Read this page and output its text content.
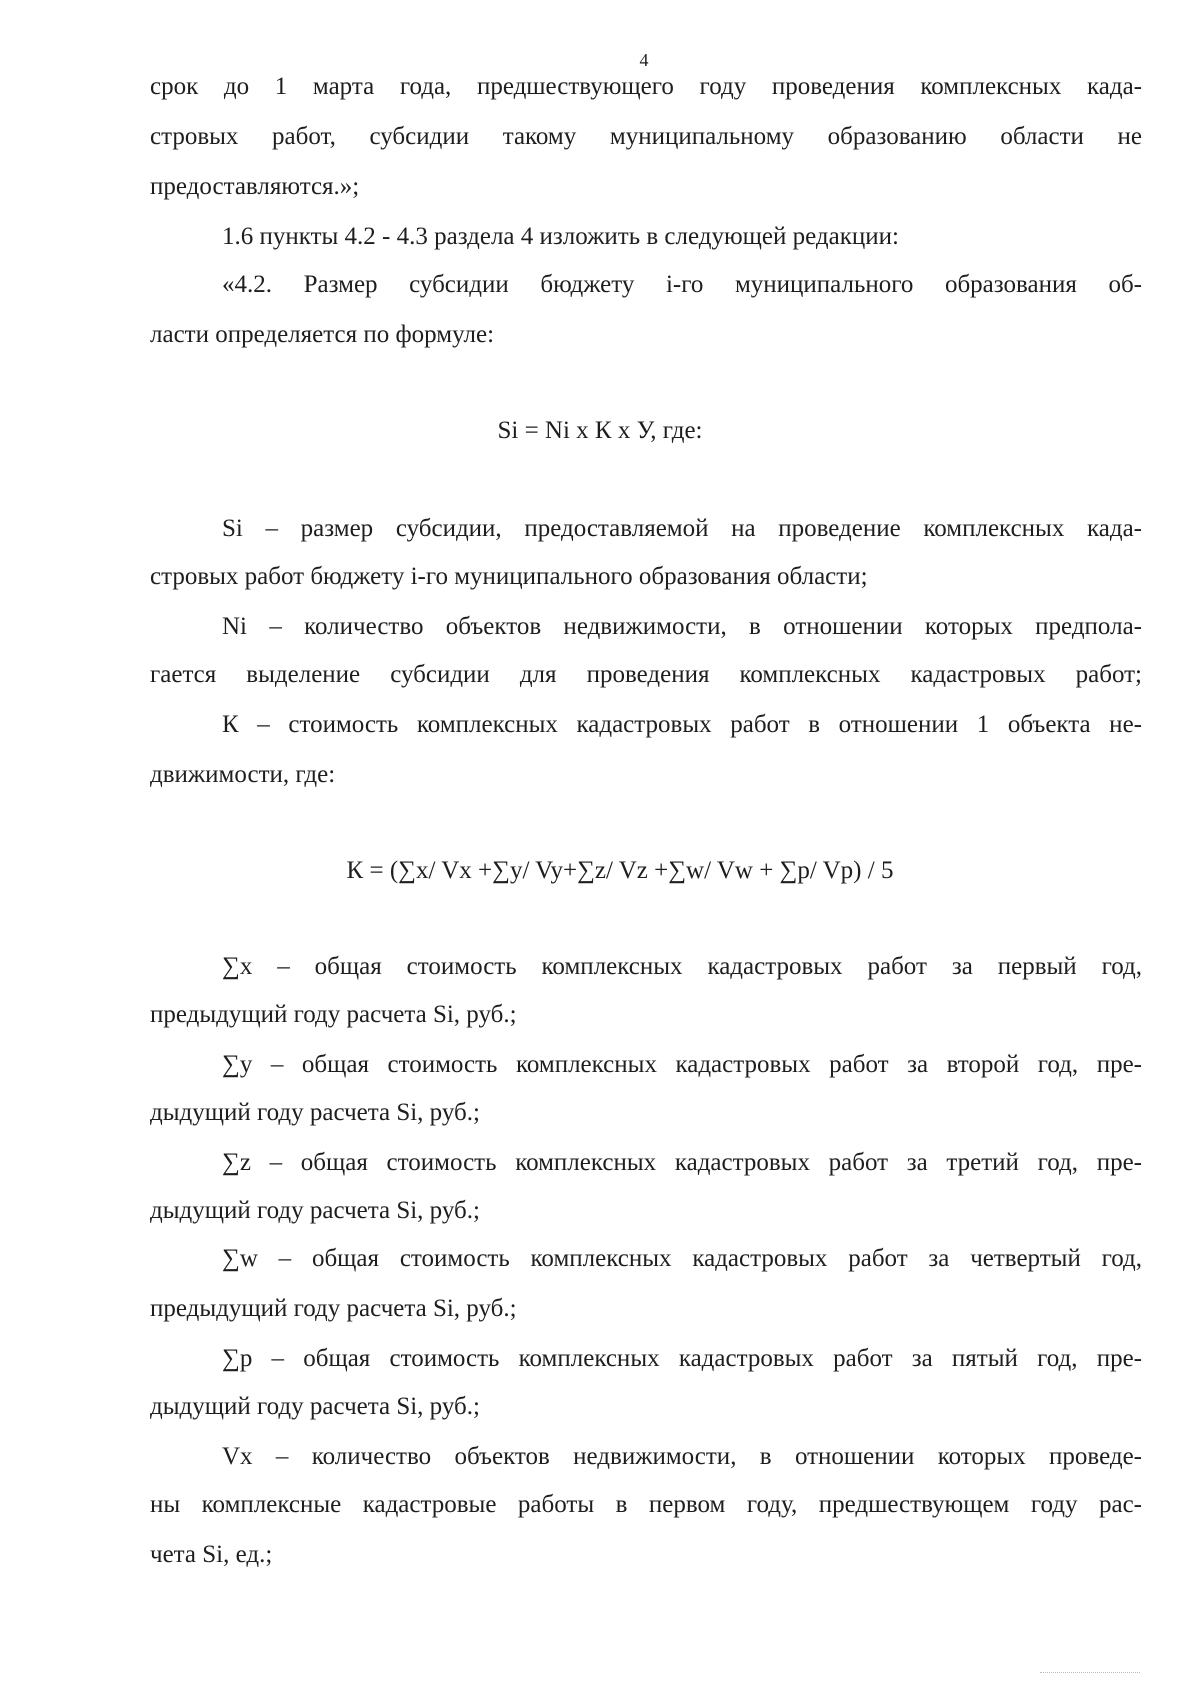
4
срок до 1 марта года, предшествующего году проведения комплексных када-
стровых работ, субсидии такому муниципальному образованию области не
предоставляются.»;
1.6 пункты 4.2 - 4.3 раздела 4 изложить в следующей редакции:
«4.2. Размер субсидии бюджету i-го муниципального образования об-
ласти определяется по формуле:
Si = Ni x К x У, где:
Si – размер субсидии, предоставляемой на проведение комплексных када-
стровых работ бюджету i-го муниципального образования области;
Ni – количество объектов недвижимости, в отношении которых предпола-
гается выделение субсидии для проведения комплексных кадастровых работ;
К – стоимость комплексных кадастровых работ в отношении 1 объекта не-
движимости, где:
К = (∑x/ Vx +∑y/ Vy+∑z/ Vz +∑w/ Vw + ∑p/ Vp) / 5
∑x – общая стоимость комплексных кадастровых работ за первый год,
предыдущий году расчета Si, руб.;
∑y – общая стоимость комплексных кадастровых работ за второй год, пре-
дыдущий году расчета Si, руб.;
∑z – общая стоимость комплексных кадастровых работ за третий год, пре-
дыдущий году расчета Si, руб.;
∑w – общая стоимость комплексных кадастровых работ за четвертый год,
предыдущий году расчета Si, руб.;
∑p – общая стоимость комплексных кадастровых работ за пятый год, пре-
дыдущий году расчета Si, руб.;
Vx – количество объектов недвижимости, в отношении которых проведе-
ны комплексные кадастровые работы в первом году, предшествующем году рас-
чета Si, ед.;
